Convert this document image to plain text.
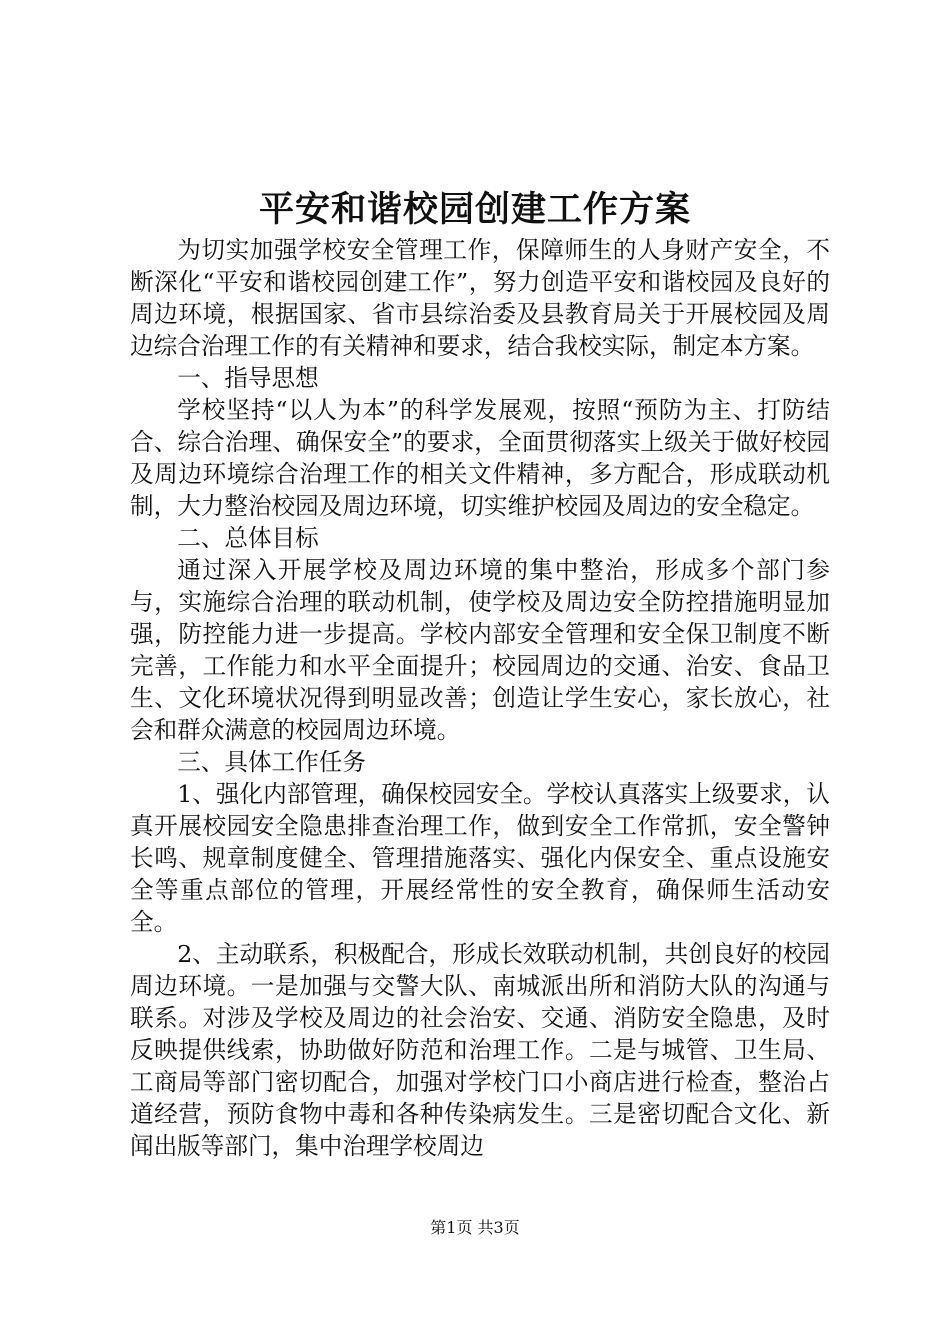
平安和谐校园创建工作方案

为切实加强学校安全管理工作，保障师生的人身财产安全，不断深化“平安和谐校园创建工作”，努力创造平安和谐校园及良好的周边环境，根据国家、省市县综治委及县教育局关于开展校园及周边综合治理工作的有关精神和要求，结合我校实际，制定本方案。

一、指导思想

学校坚持“以人为本”的科学发展观，按照“预防为主、打防结合、综合治理、确保安全”的要求，全面贯彻落实上级关于做好校园及周边环境综合治理工作的相关文件精神，多方配合，形成联动机制，大力整治校园及周边环境，切实维护校园及周边的安全稳定。

二、总体目标

通过深入开展学校及周边环境的集中整治，形成多个部门参与，实施综合治理的联动机制，使学校及周边安全防控措施明显加强，防控能力进一步提高。学校内部安全管理和安全保卫制度不断完善，工作能力和水平全面提升；校园周边的交通、治安、食品卫生、文化环境状况得到明显改善；创造让学生安心，家长放心，社会和群众满意的校园周边环境。

三、具体工作任务

1、强化内部管理，确保校园安全。学校认真落实上级要求，认真开展校园安全隐患排查治理工作，做到安全工作常抓，安全警钟长鸣、规章制度健全、管理措施落实、强化内保安全、重点设施安全等重点部位的管理，开展经常性的安全教育，确保师生活动安全。

2、主动联系，积极配合，形成长效联动机制，共创良好的校园周边环境。一是加强与交警大队、南城派出所和消防大队的沟通与联系。对涉及学校及周边的社会治安、交通、消防安全隐患，及时反映提供线索，协助做好防范和治理工作。二是与城管、卫生局、工商局等部门密切配合，加强对学校门口小商店进行检查，整治占道经营，预防食物中毒和各种传染病发生。三是密切配合文化、新闻出版等部门，集中治理学校周边

第1页 共3页
